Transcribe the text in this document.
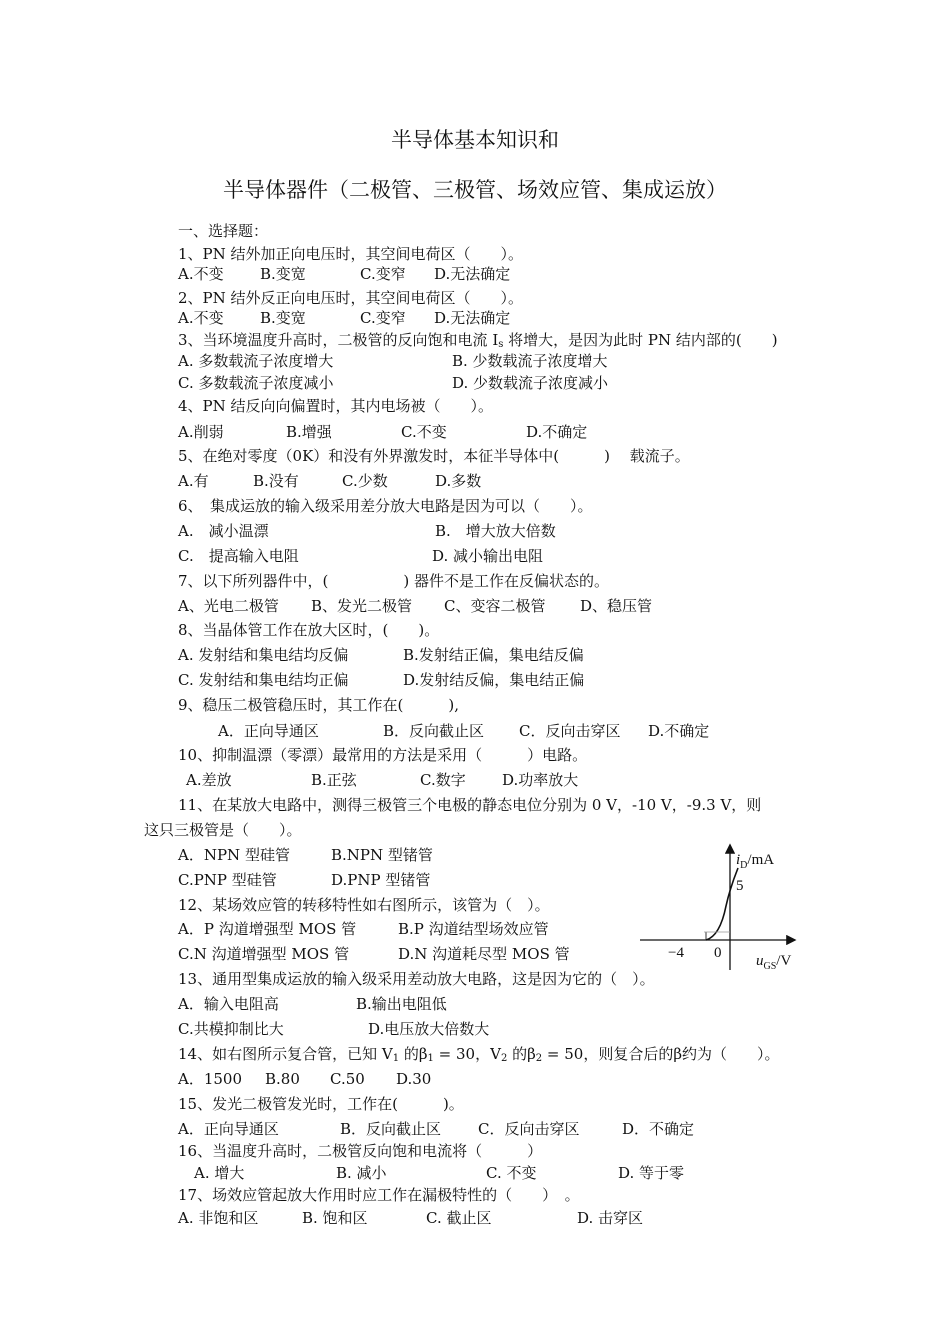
半导体基本知识和
半导体器件（二极管、三极管、场效应管、集成运放）
一、选择题：
1、PN 结外加正向电压时，其空间电荷区（　　）。
A.不变 B.变宽	C.变窄 D.无法确定
2、PN 结外反正向电压时，其空间电荷区（　　）。
A.不变 B.变宽	C.变窄 D.无法确定
3、当环境温度升高时，二极管的反向饱和电流 $I_s$ 将增大，是因为此时 PN 结内部的(　　)
A. 多数载流子浓度增大	B. 少数载流子浓度增大
C. 多数载流子浓度减小	D. 少数载流子浓度减小
4、PN 结反向向偏置时，其内电场被（　　）。
A.削弱	B.增强	C.不变	D.不确定
5、在绝对零度（0K）和没有外界激发时，本征半导体中(　　　)　 载流子。
A.有	B.没有	C.少数	D.多数
6、　集成运放的输入级采用差分放大电路是因为可以（　　）。
A.　减小温漂	B.　增大放大倍数
C.　提高输入电阻	D. 减小输出电阻
7、以下所列器件中，(　　　　　) 器件不是工作在反偏状态的。
A、光电二极管 B、发光二极管 C、变容二极管 D、稳压管
8、当晶体管工作在放大区时，(　　)。
A. 发射结和集电结均反偏	B.发射结正偏，集电结反偏
C. 发射结和集电结均正偏	D.发射结反偏，集电结正偏
9、稳压二极管稳压时，其工作在(　　　),
A．正向导通区	B．反向截止区 C．反向击穿区 D.不确定
10、抑制温漂（零漂）最常用的方法是采用（　　　）电路。
A.差放	B.正弦	C.数字 D.功率放大
11、在某放大电路中，测得三极管三个电极的静态电位分别为 0 V，-10 V，-9.3 V，则
这只三极管是（　　）。
A．NPN 型硅管	B.NPN 型锗管
C.PNP 型硅管	D.PNP 型锗管
12、某场效应管的转移特性如右图所示，该管为（　）。
A．P 沟道增强型 MOS 管	B.P 沟道结型场效应管
C.N 沟道增强型 MOS 管	D.N 沟道耗尽型 MOS 管
$i_D/mA$
5
−4 0 $u_{GS}/V$
13、通用型集成运放的输入级采用差动放大电路，这是因为它的（　）。
A．输入电阻高	B.输出电阻低
C.共模抑制比大	D.电压放大倍数大
14、如右图所示复合管，已知 $V_1$ 的$\beta_1 = 30$，$V_2$ 的$\beta_2 = 50$，则复合后的β约为（　　）。
A．1500 B.80 C.50 D.30
15、发光二极管发光时，工作在(　　　)。
A．正向导通区	B．反向截止区 C．反向击穿区	D．不确定
16、当温度升高时，二极管反向饱和电流将（　　　）
A. 增大	B. 减小	C. 不变	D. 等于零
17、场效应管起放大作用时应工作在漏极特性的（　　）　。
A. 非饱和区	B. 饱和区	C. 截止区	D. 击穿区
